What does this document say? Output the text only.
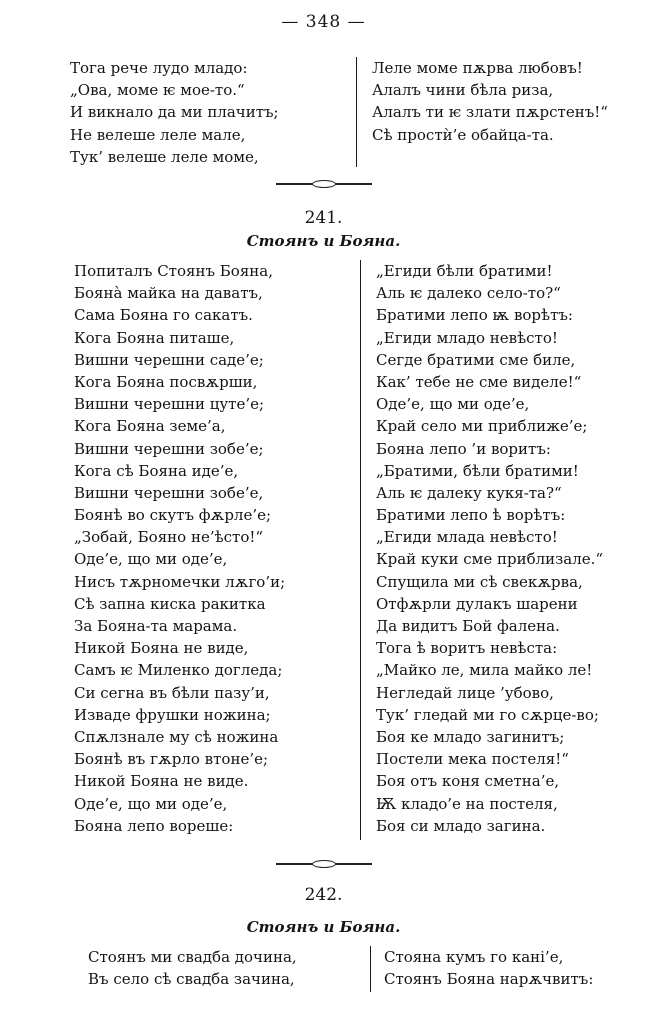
— 348 —
Тога рече лудо младо:
„Ова, моме ѥ мое-то.“
И викнало да ми плачитъ;
Не велеше леле мале,
Тук’ велеше леле моме,
Леле моме пѫрва любовъ!
Алалъ чини бѣла риза,
Алалъ ти ѥ злати пѫрстенъ!“
Сѣ простѝ’е обайца-та.
241.
Стоянъ и Бояна.
Попиталъ Стоянъ Бояна,
Боянà майка на даватъ,
Сама Бояна го сакатъ.
Кога Бояна питаше,
Вишни черешни саде’е;
Кога Бояна посвѫрши,
Вишни черешни цуте’е;
Кога Бояна земе’а,
Вишни черешни зобе’е;
Кога сѣ Бояна иде’е,
Вишни черешни зобе’е,
Боянѣ во скутъ фѫрле’е;
„Зобай, Бояно не’ѣсто!“
Оде’е, що ми оде’е,
Нисъ тѫрномечки лѫго’и;
Сѣ запна киска ракитка
За Бояна-та марама.
Никой Бояна не виде,
Самъ ѥ Миленко догледа;
Си сегна въ бѣли пазу’и,
Изваде фрушки ножина;
Спѫлзнале му сѣ ножина
Боянѣ въ гѫрло втоне’е;
Никой Бояна не виде.
Оде’е, що ми оде’е,
Бояна лепо вореше:
„Егиди бѣли братими!
Аль ѥ далеко село-то?“
Братими лепо ѭ ворѣтъ:
„Егиди младо невѣсто!
Сегде братими сме биле,
Как’ тебе не сме виделе!“
Оде’е, що ми оде’е,
Край село ми приближе’е;
Бояна лепо ’и воритъ:
„Братими, бѣли братими!
Аль ѥ далеку кукя-та?“
Братими лепо ѣ ворѣтъ:
„Егиди млада невѣсто!
Край куки сме приблизале.“
Спущила ми сѣ свекѫрва,
Отфѫрли дулакъ шарени
Да видитъ Бой фалена.
Тога ѣ воритъ невѣста:
„Майко ле, мила майко ле!
Негледай лице ’убово,
Тук’ гледай ми го сѫрце-во;
Боя ке младо загинитъ;
Постели мека постеля!“
Боя отъ коня сметна’е,
Ѭ кладо’е на постеля,
Боя си младо загина.
242.
Стоянъ и Бояна.
Стоянъ ми свадба дочина,
Въ село сѣ свадба зачина,
Стояна кумъ го кані’е,
Стоянъ Бояна нарѫчвитъ:
